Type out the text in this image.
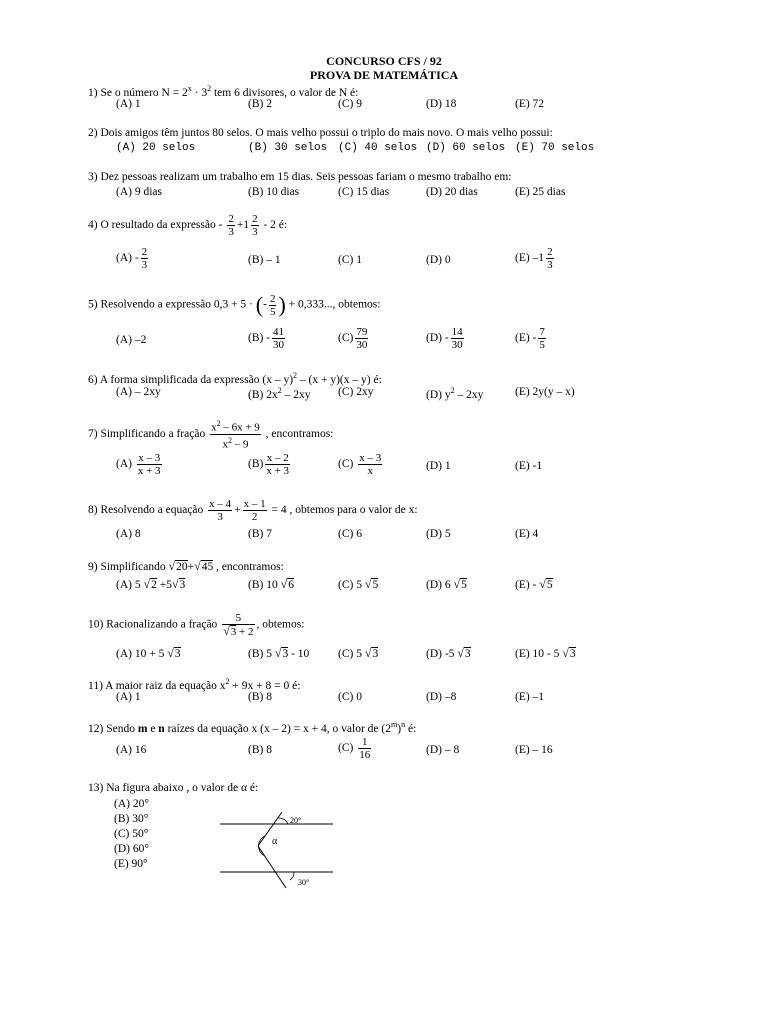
CONCURSO CFS / 92
PROVA DE MATEMÁTICA
1) Se o número $N = 2^x \cdot 3^2$ tem 6 divisores, o valor de N é:
(A) 1	(B) 2	(C) 9	(D) 18	(E) 72
2) Dois amigos têm juntos 80 selos. O mais velho possui o triplo do mais novo. O mais velho possui:
(A) 20 selos	(B) 30 selos (C) 40 selos (D) 60 selos (E) 70 selos
3) Dez pessoas realizam um trabalho em 15 dias. Seis pessoas fariam o mesmo trabalho em:
(A) 9 dias	(B) 10 dias	(C) 15 dias	(D) 20 dias	(E) 25 dias
4) O resultado da expressão - $\frac{2}{3} +1 \frac{2}{3} - 2$ é:
$(A) - \frac{2}{3}$	(B) – 1	(C) 1	(D) 0	(E) $-1 \frac{2}{3}$
5) Resolvendo a expressão 0,3 + 5 · (- $\frac{2}{5}$ ) + 0,333..., obtemos:
(A) –2	$(B) - \frac{41}{30}$	$(C) \frac{79}{30}$	$(D) - \frac{14}{30}$	$(E) - \frac{7}{5}$
6) A forma simplificada da expressão (x – y)$^2$ – (x + y)(x – y) é:
(A) – 2xy	(B) $2x^2 - 2xy$ (C) 2xy	(D) $y^2 - 2xy$	(E) 2y(y – x)
7) Simplificando a fração $\frac{x^2 - 6x + 9}{x^2 - 9}$ , encontramos:
$(A) \frac{x - 3}{x + 3}$	$(B) \frac{x - 2}{x + 3}$	$(C) \frac{x - 3}{x}$	(D) 1	(E) -1
8) Resolvendo a equação $\frac{x - 4}{3} + \frac{x - 1}{2} = 4$ , obtemos para o valor de x:
(A) 8	(B) 7	(C) 6	(D) 5	(E) 4
9) Simplificando √20+√45 , encontramos:
(A) 5 √2 +5√3	(B) 10 √6	(C) 5 √5	(D) 6 √5	(E) - √5
10) Racionalizando a fração $\frac{5}{√3 + 2}$ , obtemos:
(A) 10 + 5 √3	(B) 5 √3 - 10 (C) 5 √3	(D) -5 √3	(E) 10 - 5 √3
11) A maior raiz da equação $x^2 + 9x + 8 = 0$ é:
(A) 1	(B) 8	(C) 0	(D) –8	(E) –1
12) Sendo m e n raízes da equação x (x – 2) = x + 4, o valor de $(2^m)^n$ é:
(A) 16	(B) 8	$(C) \frac{1}{16}$	(D) – 8	(E) – 16
13) Na figura abaixo , o valor de α é:
(A) 20°
(B) 30°
(C) 50°
(D) 60°
(E) 90°
20°
α
30°
